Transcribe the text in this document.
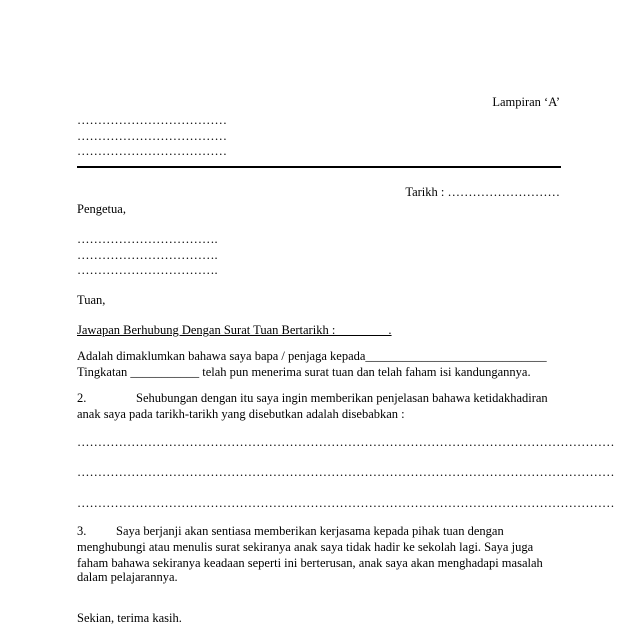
Lampiran ‘A’
………………………………
………………………………
………………………………
Tarikh : ………………………
Pengetua,
…………………………….
…………………………….
…………………………….
Tuan,
Jawapan Berhubung Dengan Surat Tuan Bertarikh :                 .
Adalah dimaklumkan bahawa saya bapa / penjaga kepada_____________________________
Tingkatan ___________ telah pun menerima surat tuan dan telah faham isi kandungannya.
2.	Sehubungan dengan itu saya ingin memberikan penjelasan bahawa ketidakhadiran
anak saya pada tarikh-tarikh yang disebutkan adalah disebabkan :
…………………………………………………………………………………………………………………
…………………………………………………………………………………………………………………
…………………………………………………………………………………………………………………
3. Saya berjanji akan sentiasa memberikan kerjasama kepada pihak tuan dengan
menghubungi atau menulis surat sekiranya anak saya tidak hadir ke sekolah lagi. Saya juga
faham bahawa sekiranya keadaan seperti ini berterusan, anak saya akan menghadapi masalah
dalam pelajarannya.
Sekian, terima kasih.
